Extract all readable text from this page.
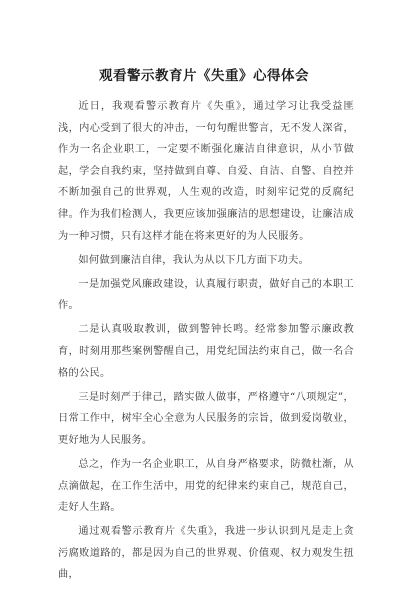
观看警示教育片《失重》心得体会

近日，我观看警示教育片《失重》，通过学习让我受益匪浅，内心受到了很大的冲击，一句句醒世警言，无不发人深省，作为一名企业职工，一定要不断强化廉洁自律意识，从小节做起，学会自我约束，坚持做到自尊、自爱、自洁、自警、自控并不断加强自己的世界观，人生观的改造，时刻牢记党的反腐纪律。作为我们检测人，我更应该加强廉洁的思想建设，让廉洁成为一种习惯，只有这样才能在将来更好的为人民服务。

如何做到廉洁自律，我认为从以下几方面下功夫。

一是加强党风廉政建设，认真履行职责，做好自己的本职工作。

二是认真吸取教训，做到警钟长鸣。经常参加警示廉政教育，时刻用那些案例警醒自己，用党纪国法约束自己，做一名合格的公民。

三是时刻严于律己，踏实做人做事，严格遵守“八项规定”，日常工作中，树牢全心全意为人民服务的宗旨，做到爱岗敬业，更好地为人民服务。

总之，作为一名企业职工，从自身严格要求，防微杜渐，从点滴做起，在工作生活中，用党的纪律来约束自己，规范自己，走好人生路。

通过观看警示教育片《失重》，我进一步认识到凡是走上贪污腐败道路的，都是因为自己的世界观、价值观、权力观发生扭曲，
